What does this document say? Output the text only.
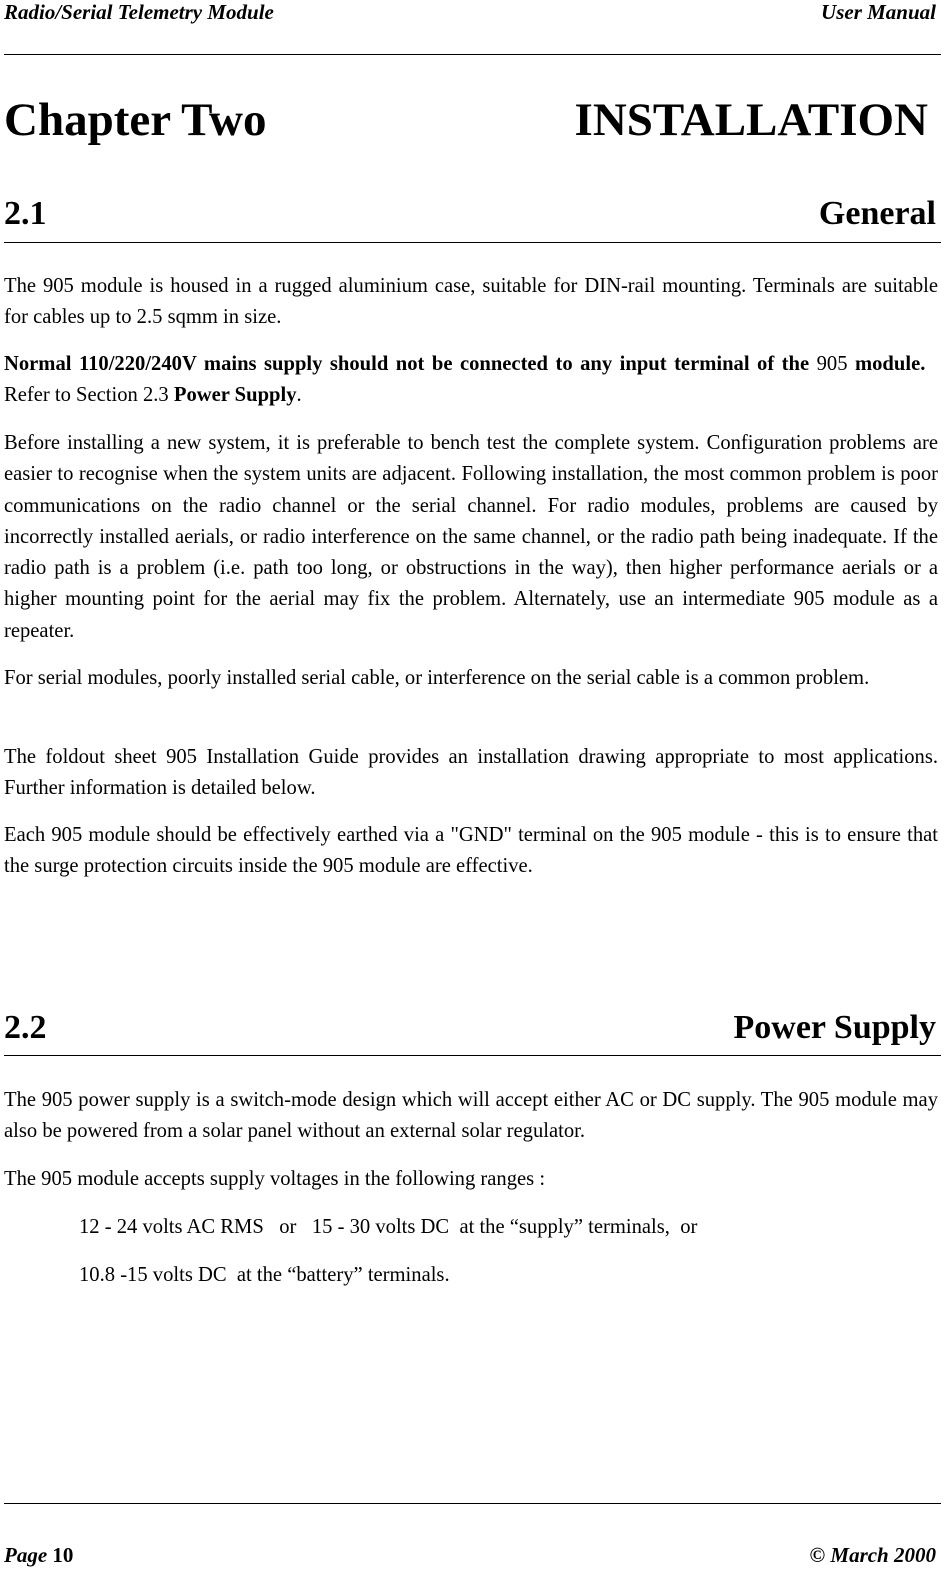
Radio/Serial Telemetry Module	User Manual
Chapter Two	INSTALLATION
2.1	General

The 905 module is housed in a rugged aluminium case, suitable for DIN-rail mounting. Terminals are suitable for cables up to 2.5 sqmm in size.

Normal 110/220/240V mains supply should not be connected to any input terminal of the 905 module.   Refer to Section 2.3 Power Supply.

Before installing a new system, it is preferable to bench test the complete system. Configuration problems are easier to recognise when the system units are adjacent. Following installation, the most common problem is poor communications on the radio channel or the serial channel. For radio modules, problems are caused by incorrectly installed aerials, or radio interference on the same channel, or the radio path being inadequate. If the radio path is a problem (i.e. path too long, or obstructions in the way), then higher performance aerials or a higher mounting point for the aerial may fix the problem. Alternately, use an intermediate 905 module as a repeater.

For serial modules, poorly installed serial cable, or interference on the serial cable is a common problem.

The foldout sheet 905 Installation Guide provides an installation drawing appropriate to most applications. Further information is detailed below.

Each 905 module should be effectively earthed via a "GND" terminal on the 905 module - this is to ensure that the surge protection circuits inside the 905 module are effective.

2.2	Power Supply

The 905 power supply is a switch-mode design which will accept either AC or DC supply. The 905 module may also be powered from a solar panel without an external solar regulator.

The 905 module accepts supply voltages in the following ranges :

12 - 24 volts AC RMS   or   15 - 30 volts DC  at the “supply” terminals,  or
10.8 -15 volts DC  at the “battery” terminals.
Page 10	© March 2000
